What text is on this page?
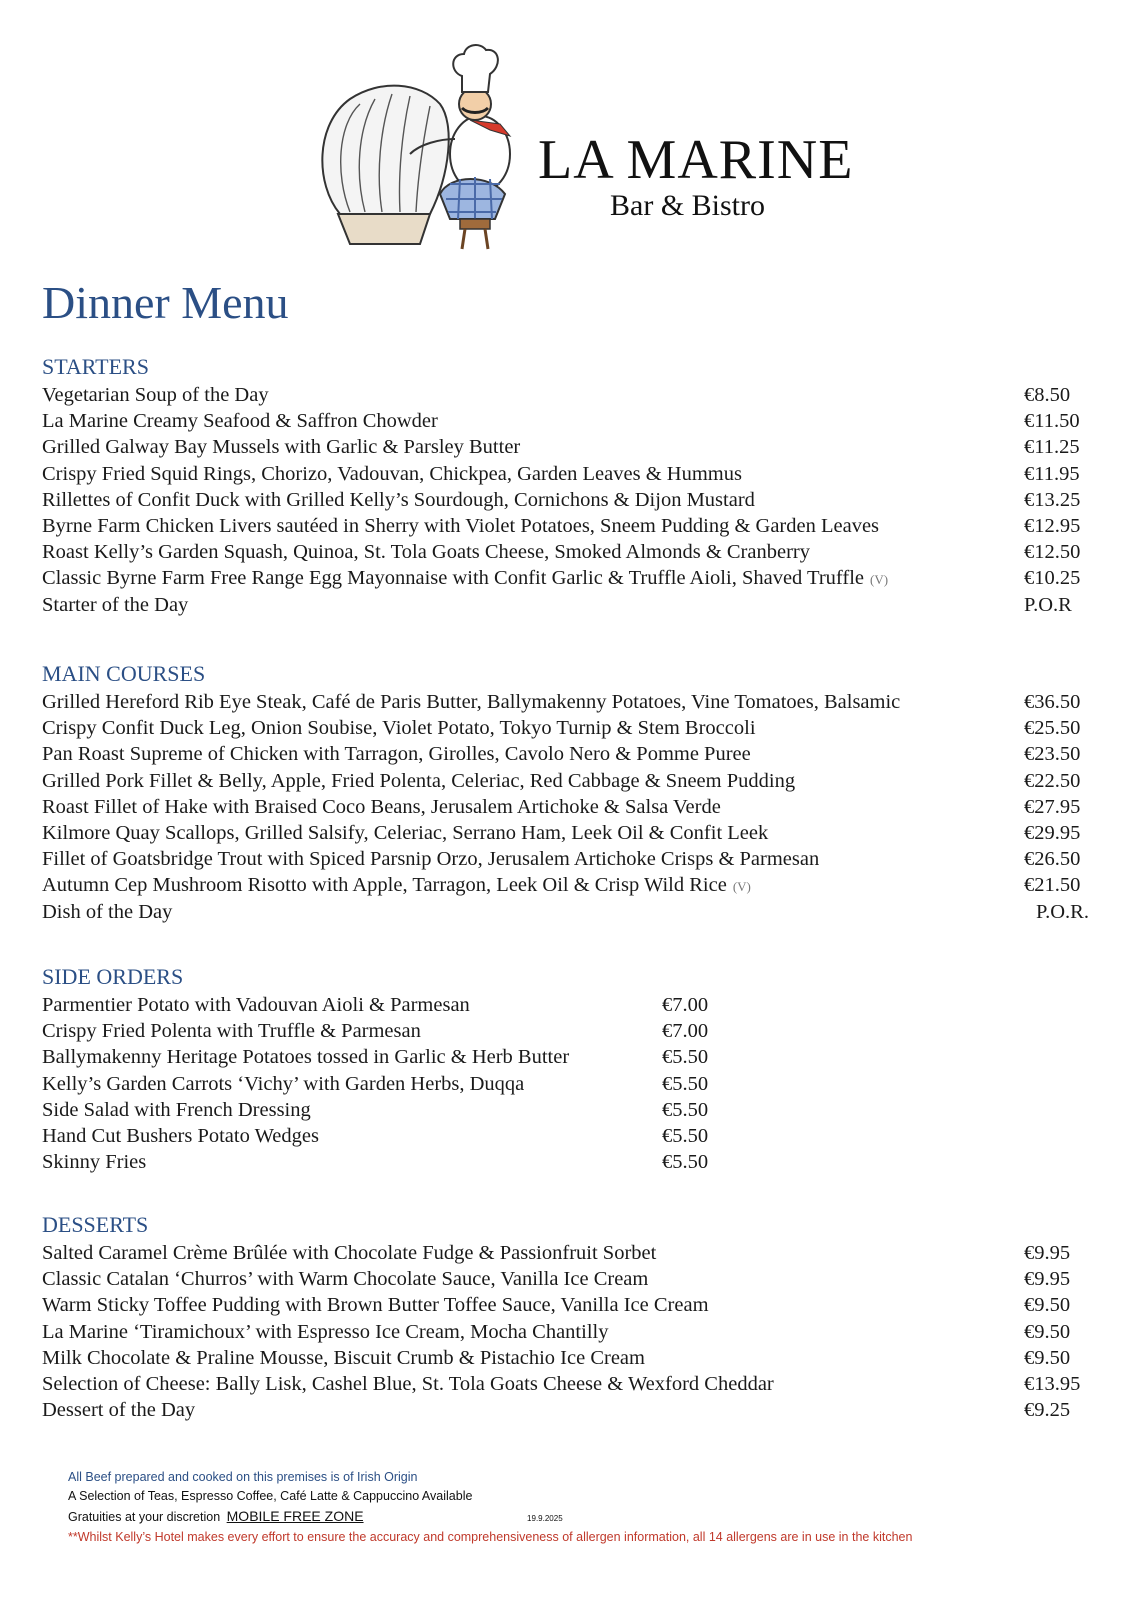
LA MARINE
Bar & Bistro
Dinner Menu
STARTERS
Vegetarian Soup of the Day	€8.50
La Marine Creamy Seafood & Saffron Chowder	€11.50
Grilled Galway Bay Mussels with Garlic & Parsley Butter	€11.25
Crispy Fried Squid Rings, Chorizo, Vadouvan, Chickpea, Garden Leaves & Hummus	€11.95
Rillettes of Confit Duck with Grilled Kelly’s Sourdough, Cornichons & Dijon Mustard	€13.25
Byrne Farm Chicken Livers sautéed in Sherry with Violet Potatoes, Sneem Pudding & Garden Leaves	€12.95
Roast Kelly’s Garden Squash, Quinoa, St. Tola Goats Cheese, Smoked Almonds & Cranberry	€12.50
Classic Byrne Farm Free Range Egg Mayonnaise with Confit Garlic & Truffle Aioli, Shaved Truffle (V)	€10.25
Starter of the Day	P.O.R
MAIN COURSES
Grilled Hereford Rib Eye Steak, Café de Paris Butter, Ballymakenny Potatoes, Vine Tomatoes, Balsamic	€36.50
Crispy Confit Duck Leg, Onion Soubise, Violet Potato, Tokyo Turnip & Stem Broccoli	€25.50
Pan Roast Supreme of Chicken with Tarragon, Girolles, Cavolo Nero & Pomme Puree	€23.50
Grilled Pork Fillet & Belly, Apple, Fried Polenta, Celeriac, Red Cabbage & Sneem Pudding	€22.50
Roast Fillet of Hake with Braised Coco Beans, Jerusalem Artichoke & Salsa Verde	€27.95
Kilmore Quay Scallops, Grilled Salsify, Celeriac, Serrano Ham, Leek Oil & Confit Leek	€29.95
Fillet of Goatsbridge Trout with Spiced Parsnip Orzo, Jerusalem Artichoke Crisps & Parmesan	€26.50
Autumn Cep Mushroom Risotto with Apple, Tarragon, Leek Oil & Crisp Wild Rice (V)	€21.50
Dish of the Day	P.O.R.
SIDE ORDERS
Parmentier Potato with Vadouvan Aioli & Parmesan	€7.00
Crispy Fried Polenta with Truffle & Parmesan	€7.00
Ballymakenny Heritage Potatoes tossed in Garlic & Herb Butter	€5.50
Kelly’s Garden Carrots ‘Vichy’ with Garden Herbs, Duqqa	€5.50
Side Salad with French Dressing	€5.50
Hand Cut Bushers Potato Wedges	€5.50
Skinny Fries	€5.50
DESSERTS
Salted Caramel Crème Brûlée with Chocolate Fudge & Passionfruit Sorbet	€9.95
Classic Catalan ‘Churros’ with Warm Chocolate Sauce, Vanilla Ice Cream	€9.95
Warm Sticky Toffee Pudding with Brown Butter Toffee Sauce, Vanilla Ice Cream	€9.50
La Marine ‘Tiramichoux’ with Espresso Ice Cream, Mocha Chantilly	€9.50
Milk Chocolate & Praline Mousse, Biscuit Crumb & Pistachio Ice Cream	€9.50
Selection of Cheese: Bally Lisk, Cashel Blue, St. Tola Goats Cheese & Wexford Cheddar	€13.95
Dessert of the Day	€9.25
All Beef prepared and cooked on this premises is of Irish Origin
A Selection of Teas, Espresso Coffee, Café Latte & Cappuccino Available
Gratuities at your discretion MOBILE FREE ZONE	19.9.2025
**Whilst Kelly’s Hotel makes every effort to ensure the accuracy and comprehensiveness of allergen information, all 14 allergens are in use in the kitchen
